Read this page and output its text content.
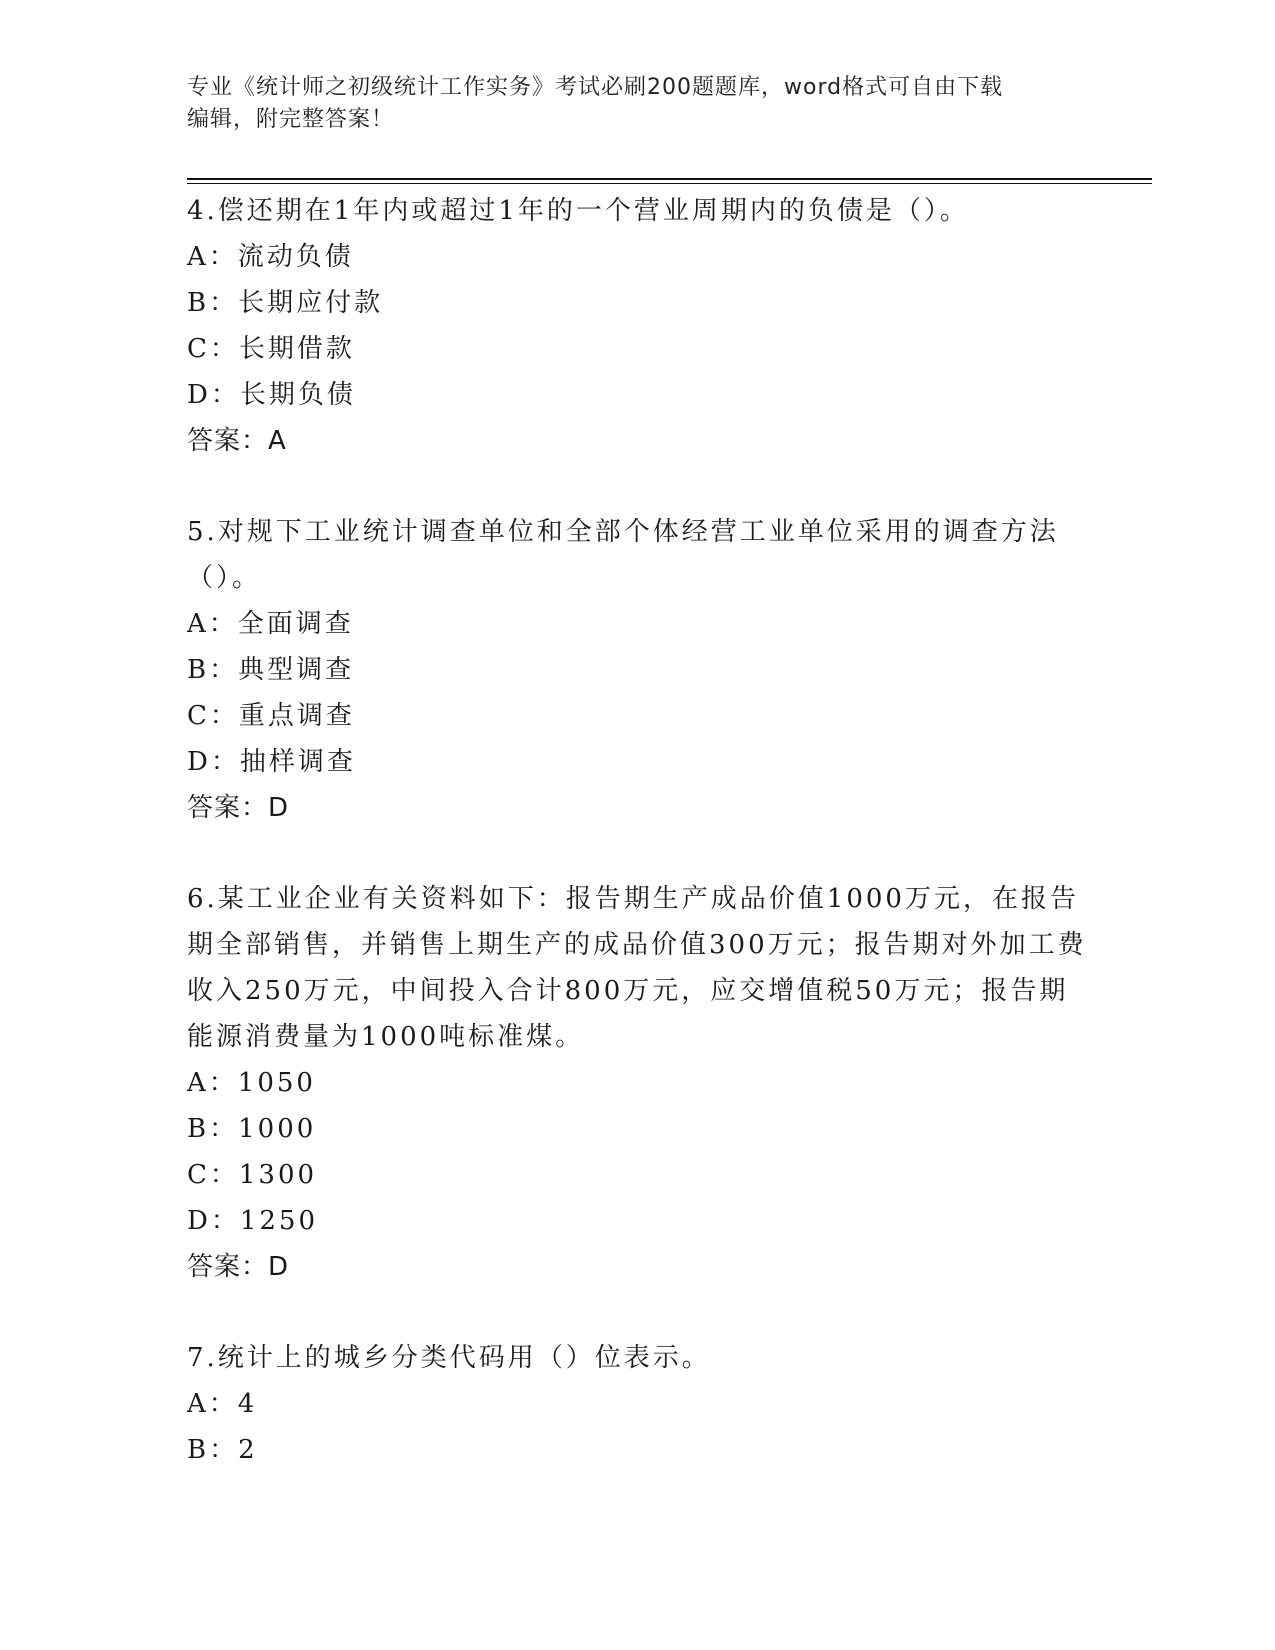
专业《统计师之初级统计工作实务》考试必刷200题题库，word格式可自由下载
编辑，附完整答案！
4.偿还期在1年内或超过1年的一个营业周期内的负债是（）。
A：流动负债
B：长期应付款
C：长期借款
D：长期负债
答案：A
5.对规下工业统计调查单位和全部个体经营工业单位采用的调查方法（）。
A：全面调查
B：典型调查
C：重点调查
D：抽样调查
答案：D
6.某工业企业有关资料如下：报告期生产成品价值1000万元，在报告期全部销售，并销售上期生产的成品价值300万元；报告期对外加工费收入250万元，中间投入合计800万元，应交增值税50万元；报告期能源消费量为1000吨标准煤。
A：1050
B：1000
C：1300
D：1250
答案：D
7.统计上的城乡分类代码用（）位表示。
A：4
B：2
